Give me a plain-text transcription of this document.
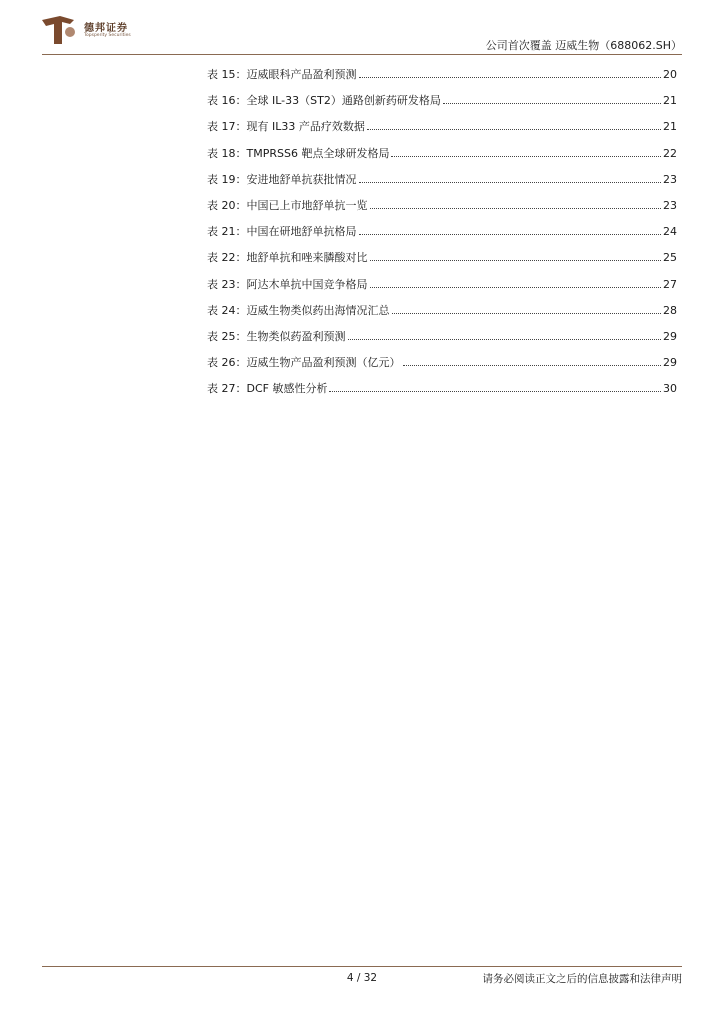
德邦证券
Topsperity Securities
公司首次覆盖 迈威生物（688062.SH）
表 15：迈威眼科产品盈利预测	20
表 16：全球 IL-33（ST2）通路创新药研发格局	21
表 17：现有 IL33 产品疗效数据	21
表 18：TMPRSS6 靶点全球研发格局	22
表 19：安进地舒单抗获批情况	23
表 20：中国已上市地舒单抗一览	23
表 21：中国在研地舒单抗格局	24
表 22：地舒单抗和唑来膦酸对比	25
表 23：阿达木单抗中国竞争格局	27
表 24：迈威生物类似药出海情况汇总	28
表 25：生物类似药盈利预测	29
表 26：迈威生物产品盈利预测（亿元）	29
表 27：DCF 敏感性分析	30
4 / 32	请务必阅读正文之后的信息披露和法律声明
